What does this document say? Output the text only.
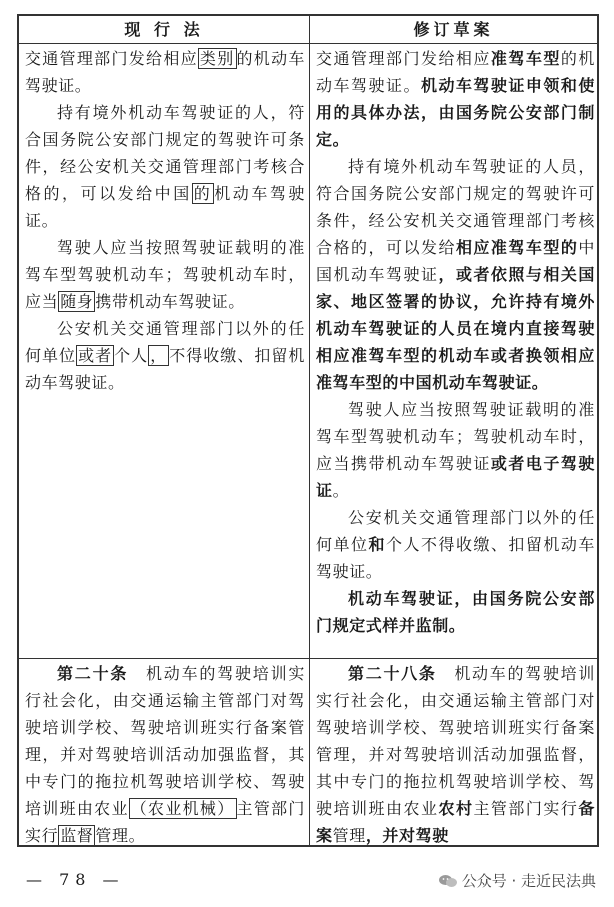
现 行 法	修订草案

交通管理部门发给相应 类别 的机动车驾驶证。

持有境外机动车驾驶证的人，符合国务院公安部门规定的驾驶许可条件，经公安机关交通管理部门考核合格的，可以发给中国 的 机动车驾驶证。

驾驶人应当按照驾驶证载明的准驾车型驾驶机动车；驾驶机动车时，应当 随身 携带机动车驾驶证。

公安机关交通管理部门以外的任何单位 或者 个人 ， 不得收缴、扣留机动车驾驶证。

交通管理部门发给相应准驾车型的机动车驾驶证。机动车驾驶证申领和使用的具体办法，由国务院公安部门制定。

持有境外机动车驾驶证的人员，符合国务院公安部门规定的驾驶许可条件，经公安机关交通管理部门考核合格的，可以发给相应准驾车型的中国机动车驾驶证，或者依照与相关国家、地区签署的协议，允许持有境外机动车驾驶证的人员在境内直接驾驶相应准驾车型的机动车或者换领相应准驾车型的中国机动车驾驶证。

驾驶人应当按照驾驶证载明的准驾车型驾驶机动车；驾驶机动车时，应当携带机动车驾驶证或者电子驾驶证。

公安机关交通管理部门以外的任何单位和个人不得收缴、扣留机动车驾驶证。

机动车驾驶证，由国务院公安部门规定式样并监制。

第二十条　机动车的驾驶培训实行社会化，由交通运输主管部门对驾驶培训学校、驾驶培训班实行备案管理，并对驾驶培训活动加强监督，其中专门的拖拉机驾驶培训学校、驾驶培训班由农业 （农业机械） 主管部门实行 监督 管理。

第二十八条　机动车的驾驶培训实行社会化，由交通运输主管部门对驾驶培训学校、驾驶培训班实行备案管理，并对驾驶培训活动加强监督，其中专门的拖拉机驾驶培训学校、驾驶培训班由农业农村主管部门实行备案管理，并对驾驶

— 78 —	公众号 · 走近民法典
